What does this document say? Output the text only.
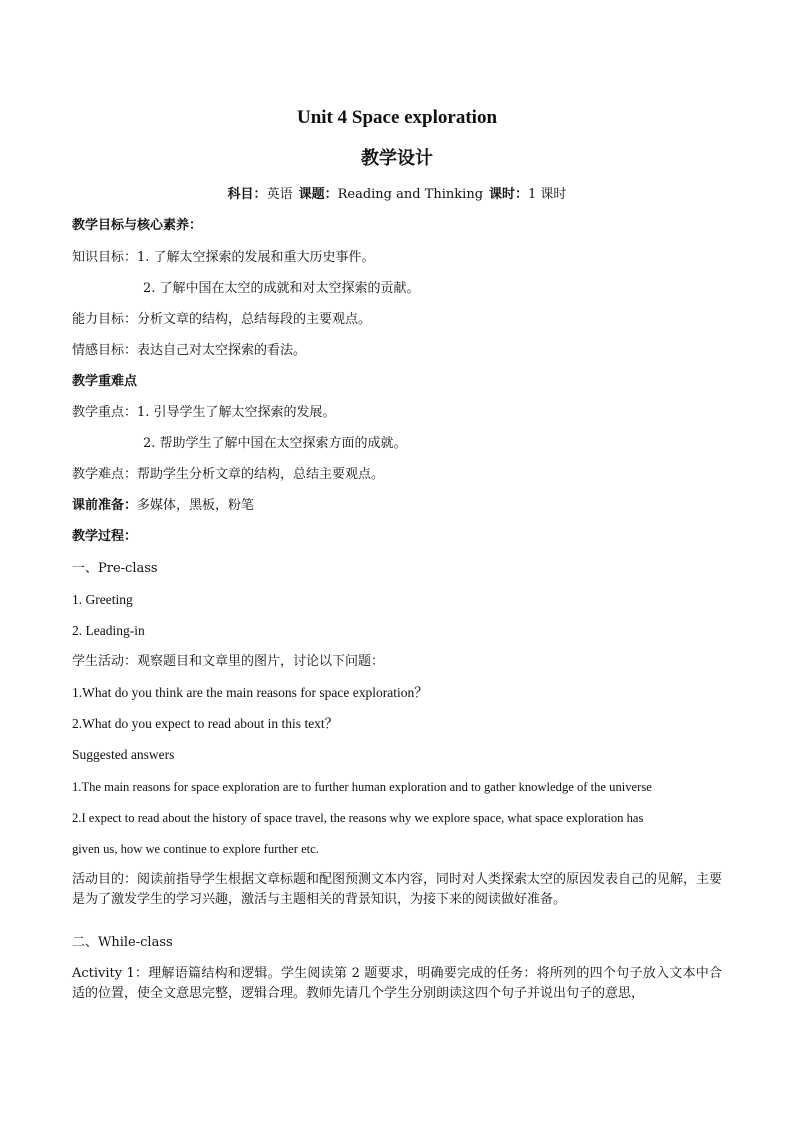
Unit 4 Space exploration
教学设计
科目：英语 课题：Reading and Thinking 课时：1 课时
教学目标与核心素养：
知识目标：1. 了解太空探索的发展和重大历史事件。
2. 了解中国在太空的成就和对太空探索的贡献。
能力目标：分析文章的结构，总结每段的主要观点。
情感目标：表达自己对太空探索的看法。
教学重难点
教学重点：1. 引导学生了解太空探索的发展。
2. 帮助学生了解中国在太空探索方面的成就。
教学难点：帮助学生分析文章的结构，总结主要观点。
课前准备：多媒体，黑板，粉笔
教学过程：
一、Pre-class
1. Greeting
2. Leading-in
学生活动：观察题目和文章里的图片，讨论以下问题：
1.What do you think are the main reasons for space exploration？
2.What do you expect to read about in this text？
Suggested answers
1.The main reasons for space exploration are to further human exploration and to gather knowledge of the universe
2.I expect to read about the history of space travel, the reasons why we explore space, what space exploration has
given us, how we continue to explore further etc.
活动目的：阅读前指导学生根据文章标题和配图预测文本内容，同时对人类探索太空的原因发表自己的见解，主要是为了激发学生的学习兴趣，激活与主题相关的背景知识，为接下来的阅读做好准备。
二、While-class
Activity 1：理解语篇结构和逻辑。学生阅读第 2 题要求，明确要完成的任务：将所列的四个句子放入文本中合适的位置，使全文意思完整，逻辑合理。教师先请几个学生分别朗读这四个句子并说出句子的意思，
